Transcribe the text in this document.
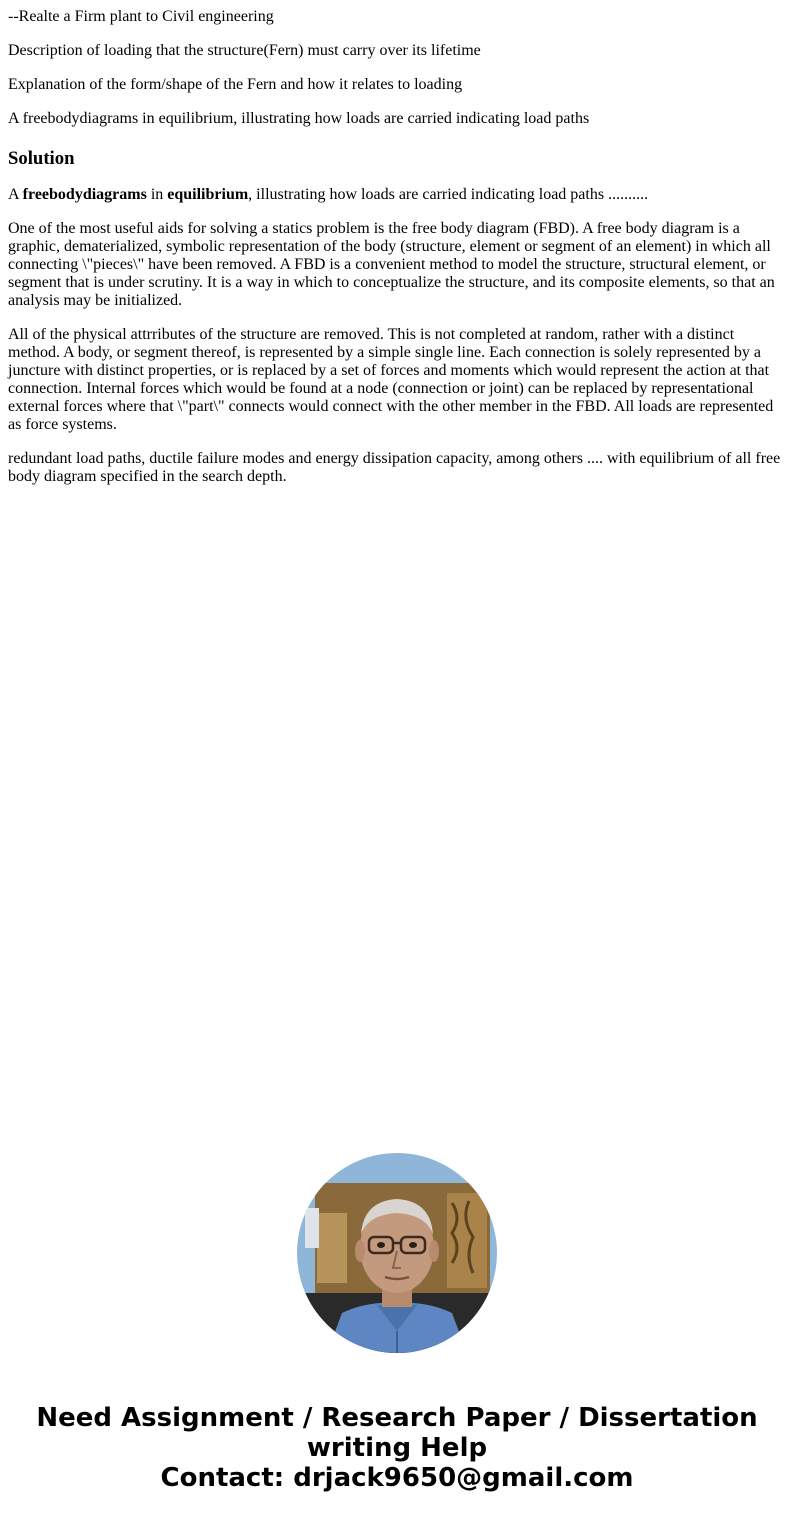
--Realte a Firm plant to Civil engineering

Description of loading that the structure(Fern) must carry over its lifetime

Explanation of the form/shape of the Fern and how it relates to loading

A freebodydiagrams in equilibrium, illustrating how loads are carried indicating load paths

Solution

A freebodydiagrams in equilibrium, illustrating how loads are carried indicating load paths ..........

One of the most useful aids for solving a statics problem is the free body diagram (FBD). A free body diagram is a graphic, dematerialized, symbolic representation of the body (structure, element or segment of an element) in which all connecting \"pieces\" have been removed. A FBD is a convenient method to model the structure, structural element, or segment that is under scrutiny. It is a way in which to conceptualize the structure, and its composite elements, so that an analysis may be initialized.

All of the physical attrributes of the structure are removed. This is not completed at random, rather with a distinct method. A body, or segment thereof, is represented by a simple single line. Each connection is solely represented by a juncture with distinct properties, or is replaced by a set of forces and moments which would represent the action at that connection. Internal forces which would be found at a node (connection or joint) can be replaced by representational external forces where that \"part\" connects would connect with the other member in the FBD. All loads are represented as force systems.

redundant load paths, ductile failure modes and energy dissipation capacity, among others .... with equilibrium of all free body diagram specified in the search depth.

Need Assignment / Research Paper / Dissertation
writing Help
Contact: drjack9650@gmail.com
